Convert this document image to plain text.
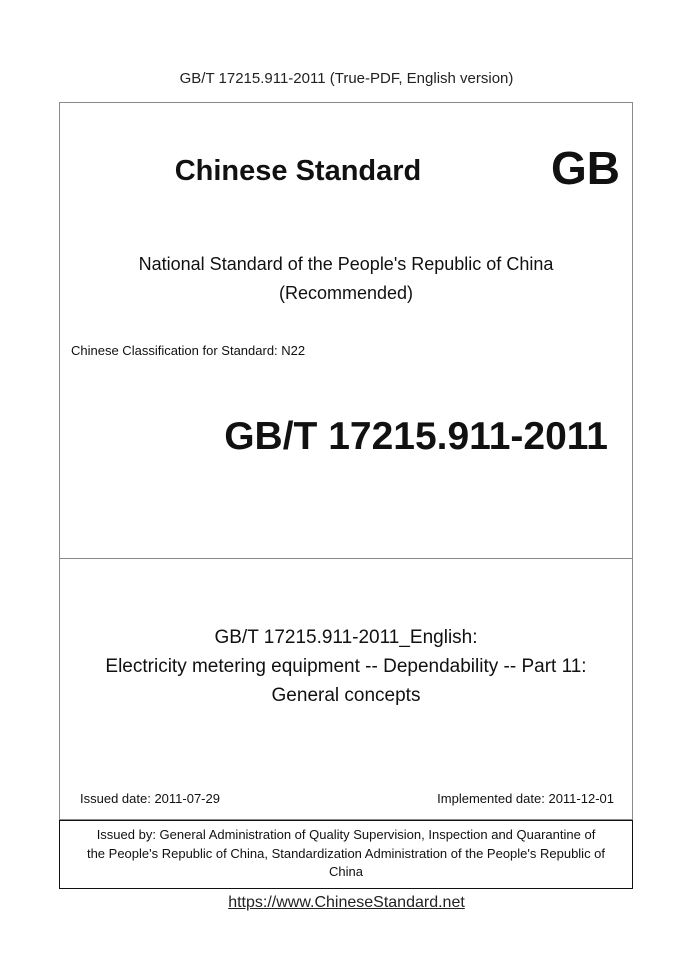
GB/T 17215.911-2011 (True-PDF, English version)
Chinese Standard	GB
National Standard of the People's Republic of China
(Recommended)
Chinese Classification for Standard: N22
GB/T 17215.911-2011
GB/T 17215.911-2011_English:
Electricity metering equipment -- Dependability -- Part 11:
General concepts
Issued date: 2011-07-29	Implemented date: 2011-12-01
Issued by: General Administration of Quality Supervision, Inspection and Quarantine of
the People's Republic of China, Standardization Administration of the People's Republic of
China
https://www.ChineseStandard.net
